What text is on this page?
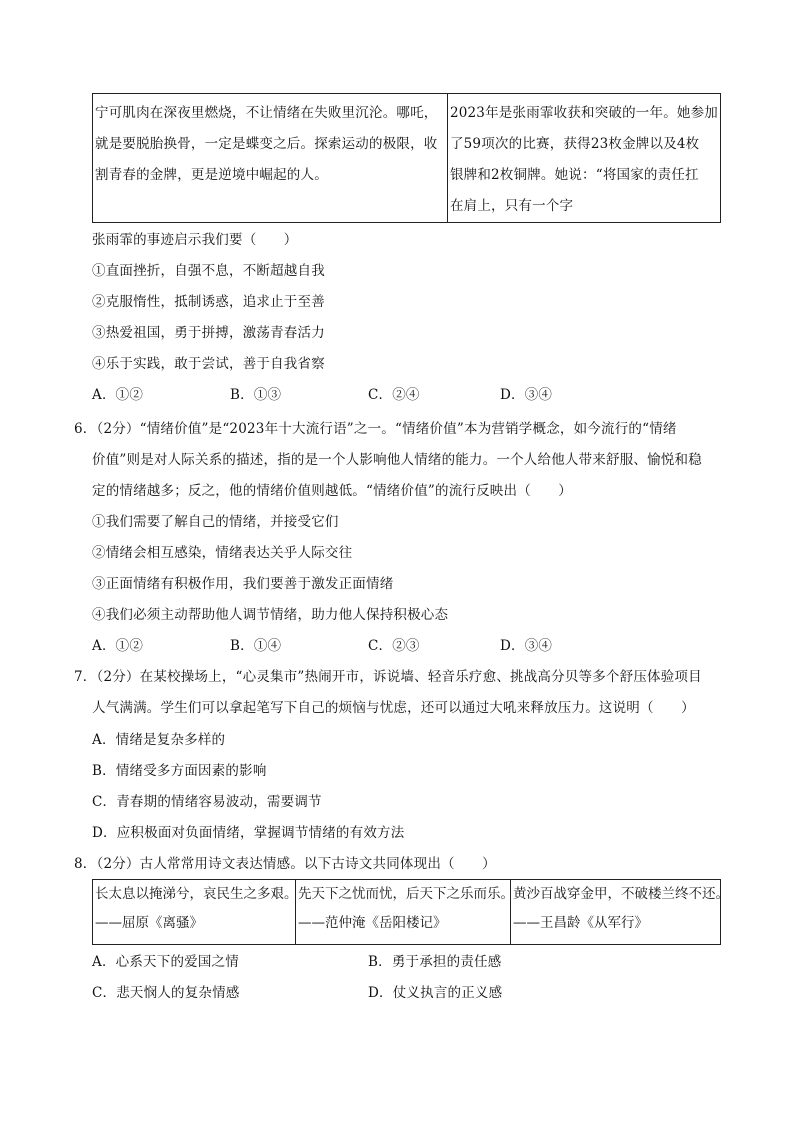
宁可肌肉在深夜里燃烧，不让情绪在失败里沉沦。哪吒，
就是要脱胎换骨，一定是蝶变之后。探索运动的极限，收
割青春的金牌，更是逆境中崛起的人。

2023年是张雨霏收获和突破的一年。她参加
了59项次的比赛，获得23枚金牌以及4枚
银牌和2枚铜牌。她说：“将国家的责任扛
在肩上，只有一个字
张雨霏的事迹启示我们要（　　）
①直面挫折，自强不息，不断超越自我
②克服惰性，抵制诱惑，追求止于至善
③热爱祖国，勇于拼搏，激荡青春活力
④乐于实践，敢于尝试，善于自我省察
A．①②	B．①③	C．②④	D．③④
6．（2分）“情绪价值”是“2023年十大流行语”之一。“情绪价值”本为营销学概念，如今流行的“情绪
价值”则是对人际关系的描述，指的是一个人影响他人情绪的能力。一个人给他人带来舒服、愉悦和稳
定的情绪越多；反之，他的情绪价值则越低。“情绪价值”的流行反映出（　　）
①我们需要了解自己的情绪，并接受它们
②情绪会相互感染，情绪表达关乎人际交往
③正面情绪有积极作用，我们要善于激发正面情绪
④我们必须主动帮助他人调节情绪，助力他人保持积极心态
A．①②	B．①④	C．②③	D．③④
7．（2分）在某校操场上，“心灵集市”热闹开市，诉说墙、轻音乐疗愈、挑战高分贝等多个舒压体验项目
人气满满。学生们可以拿起笔写下自己的烦恼与忧虑，还可以通过大吼来释放压力。这说明（　　）
A．情绪是复杂多样的
B．情绪受多方面因素的影响
C．青春期的情绪容易波动，需要调节
D．应积极面对负面情绪，掌握调节情绪的有效方法
8．（2分）古人常常用诗文表达情感。以下古诗文共同体现出（　　）
长太息以掩涕兮，哀民生之多艰。
——屈原《离骚》

先天下之忧而忧，后天下之乐而乐。
——范仲淹《岳阳楼记》

黄沙百战穿金甲，不破楼兰终不还。
——王昌龄《从军行》
A．心系天下的爱国之情	B．勇于承担的责任感
C．悲天悯人的复杂情感	D．仗义执言的正义感
